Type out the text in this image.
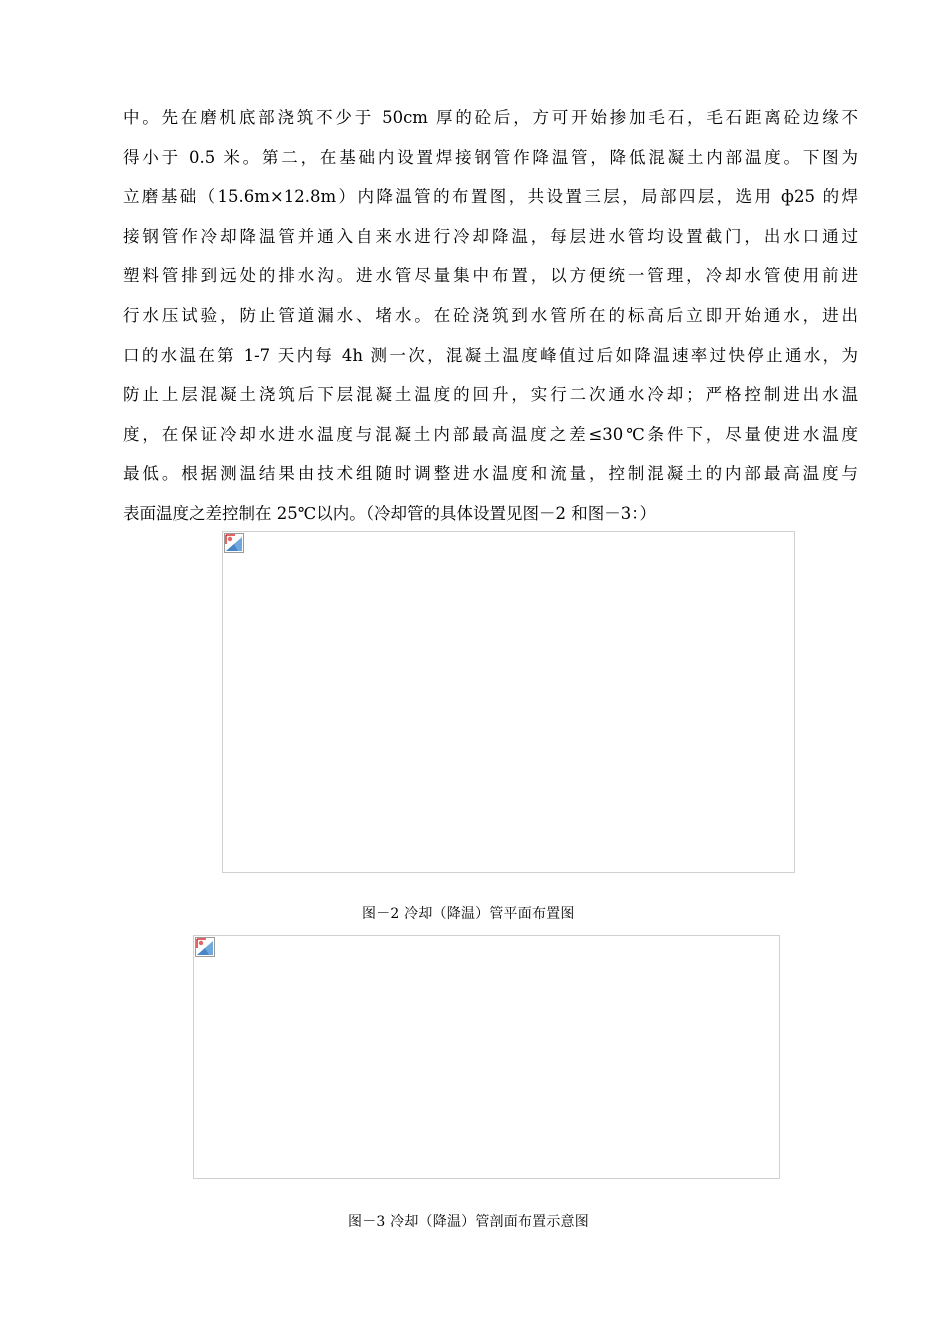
中。先在磨机底部浇筑不少于 50cm 厚的砼后，方可开始掺加毛石，毛石距离砼边缘不
得小于 0.5 米。第二，在基础内设置焊接钢管作降温管，降低混凝土内部温度。下图为
立磨基础（15.6m×12.8m）内降温管的布置图，共设置三层，局部四层，选用 ф25 的焊
接钢管作冷却降温管并通入自来水进行冷却降温，每层进水管均设置截门，出水口通过
塑料管排到远处的排水沟。进水管尽量集中布置，以方便统一管理，冷却水管使用前进
行水压试验，防止管道漏水、堵水。在砼浇筑到水管所在的标高后立即开始通水，进出
口的水温在第 1-7 天内每 4h 测一次，混凝土温度峰值过后如降温速率过快停止通水，为
防止上层混凝土浇筑后下层混凝土温度的回升，实行二次通水冷却；严格控制进出水温
度，在保证冷却水进水温度与混凝土内部最高温度之差≤30℃条件下，尽量使进水温度
最低。根据测温结果由技术组随时调整进水温度和流量，控制混凝土的内部最高温度与
表面温度之差控制在 25℃以内。（冷却管的具体设置见图－2 和图－3：）
图－2 冷却（降温）管平面布置图
图－3 冷却（降温）管剖面布置示意图
